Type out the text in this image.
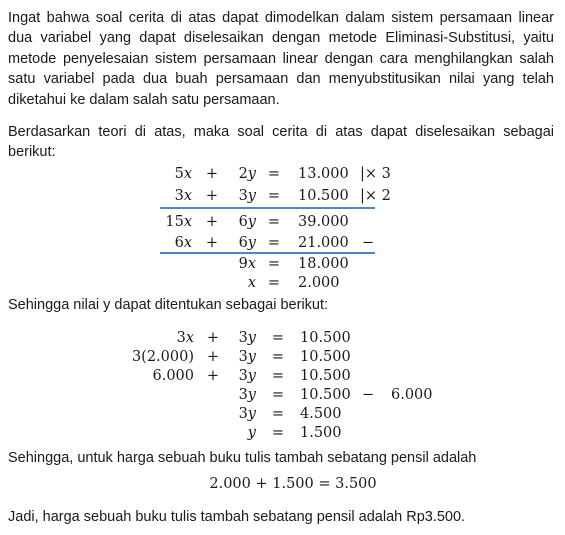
Ingat bahwa soal cerita di atas dapat dimodelkan dalam sistem persamaan linear dua variabel yang dapat diselesaikan dengan metode Eliminasi-Substitusi, yaitu metode penyelesaian sistem persamaan linear dengan cara menghilangkan salah satu variabel pada dua buah persamaan dan menyubstitusikan nilai yang telah diketahui ke dalam salah satu persamaan.
Berdasarkan teori di atas, maka soal cerita di atas dapat diselesaikan sebagai berikut:
5x +	2y = 13.000 |× 3
3x +	3y = 10.500 |× 2
15x +	6y = 39.000
6x +	6y = 21.000 −
9x = 18.000
x = 2.000
Sehingga nilai y dapat ditentukan sebagai berikut:
3x +	3y = 10.500
3(2.000) +	3y = 10.500
6.000 +	3y = 10.500
3y = 10.500 − 6.000
3y = 4.500
y = 1.500
Sehingga, untuk harga sebuah buku tulis tambah sebatang pensil adalah
2.000 + 1.500 = 3.500
Jadi, harga sebuah buku tulis tambah sebatang pensil adalah Rp3.500.
